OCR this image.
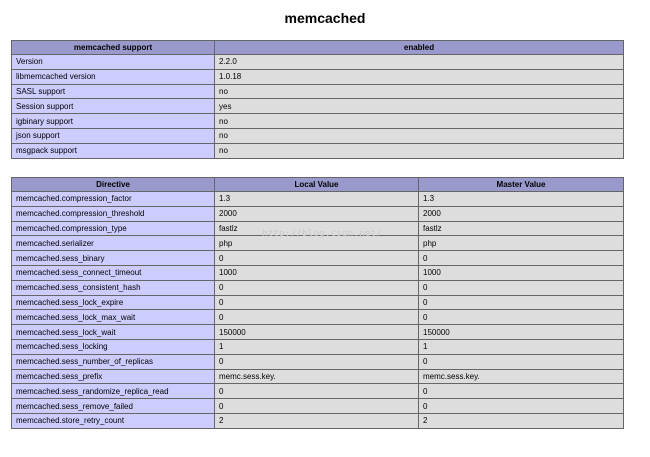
memcached
memcached support	enabled
Version	2.2.0
libmemcached version	1.0.18
SASL support	no
Session support	yes
igbinary support	no
json support	no
msgpack support	no
Directive	Local Value	Master Value
memcached.compression_factor	1.3	1.3
memcached.compression_threshold	2000	2000
memcached.compression_type	fastlz	fastlz
memcached.serializer	php	php
memcached.sess_binary	0	0
memcached.sess_connect_timeout	1000	1000
memcached.sess_consistent_hash	0	0
memcached.sess_lock_expire	0	0
memcached.sess_lock_max_wait	0	0
memcached.sess_lock_wait	150000	150000
memcached.sess_locking	1	1
memcached.sess_number_of_replicas	0	0
memcached.sess_prefix	memc.sess.key.	memc.sess.key.
memcached.sess_randomize_replica_read	0	0
memcached.sess_remove_failed	0	0
memcached.store_retry_count	2	2
http://blog.csdn.net/
